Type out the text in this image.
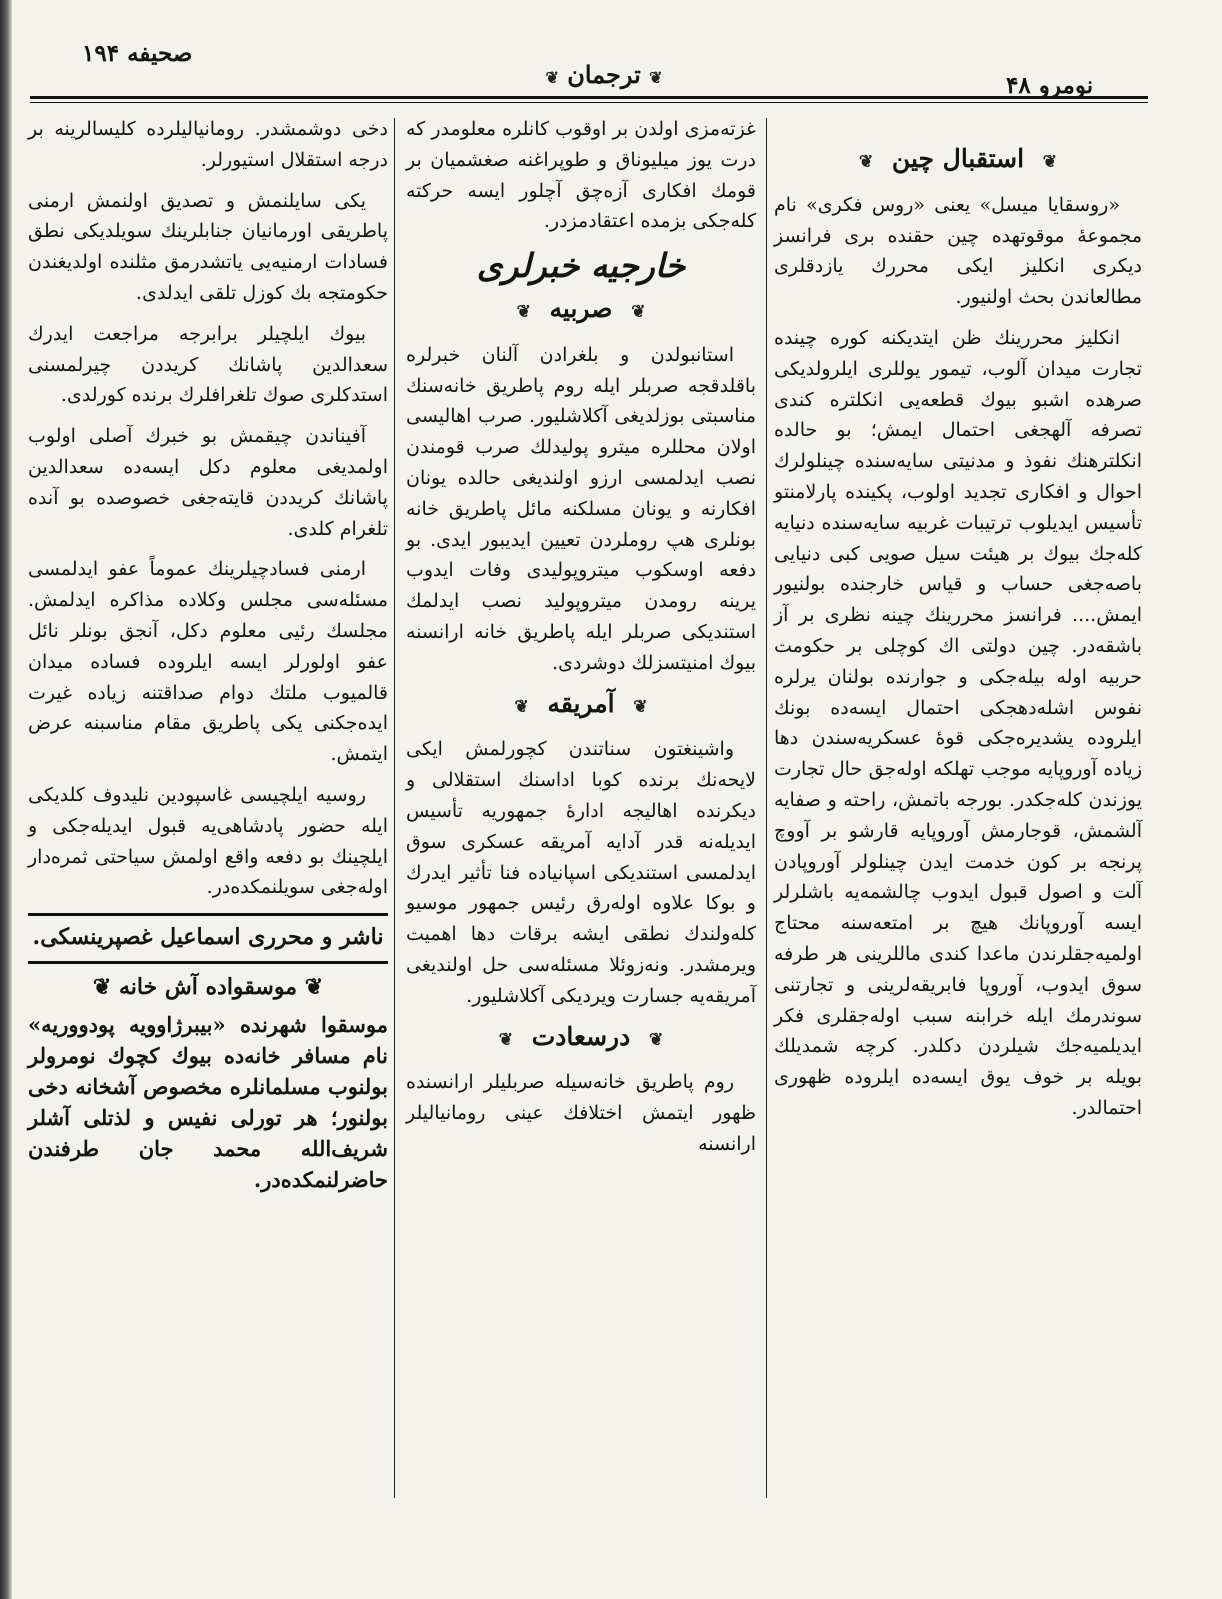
صحیفه ۱۹۴
❦ ترجمان ❦	نومرو ۴۸
❦ استقبال چین ❦

«روسقایا میسل» یعنی «روس فکری» نام مجموعهٔ موقوتهده چین حقنده بری فرانسز دیکری انکلیز ایکی محررك یازدقلری مطالعاندن بحث اولنیور.

انکلیز محررینك ظن ایتدیکنه کوره چینده تجارت میدان آلوب، تیمور یوللری ایلرولدیکی صرهده اشبو بیوك قطعه‌یی انکلتره کندی تصرفه آلهجغی احتمال ایمش؛ بو حالده انکلترهنك نفوذ و مدنیتی سایه‌سنده چینلولرك احوال و افکاری تجدید اولوب، پکینده پارلامنتو تأسیس ایدیلوب ترتیبات غربیه سایه‌سنده دنیایه کله‌جك بیوك بر هیئت سیل صویی کبی دنیایی باصه‌جغی حساب و قیاس خارجنده بولنیور ایمش.... فرانسز محررینك چینه نظری بر آز باشقه‌در. چین دولتی اك کوچلی بر حکومت حربیه اوله بیله‌جکی و جوارنده بولنان یرلره نفوس اشله‌دهجکی احتمال ایسه‌ده بونك ایلروده یشدیره‌جکی قوهٔ عسکریه‌سندن دها زیاده آوروپایه موجب تهلکه اوله‌جق حال تجارت یوزندن کله‌جکدر. بورجه باتمش، راحته و صفایه آلشمش، قوجارمش آوروپایه قارشو بر آووچ پرنجه بر کون خدمت ایدن چینلولر آوروپادن آلت و اصول قبول ایدوب چالشمه‌یه باشلرلر ایسه آوروپانك هیچ بر امتعه‌سنه محتاج اولمیه‌جقلرندن ماعدا کندی ماللرینی هر طرفه سوق ایدوب، آوروپا فابریقه‌لرینی و تجارتنی سوندرمك ایله خرابنه سبب اوله‌جقلری فکر ایدیلمیه‌جك شیلردن دکلدر. کرچه شمدیلك بویله بر خوف یوق ایسه‌ده ایلروده ظهوری احتمالدر.

غزته‌مزی اولدن بر اوقوب کانلره معلومدر که درت یوز میلیوناق و طوپراغنه صغشمیان بر قومك افکاری آزه‌چق آچلور ایسه حرکته کله‌جکی بزمده اعتقادمزدر.

خارجیه خبرلری
❦ صربیه ❦

استانبولدن و بلغرادن آلنان خبرلره باقلدقجه صربلر ایله روم پاطریق خانه‌سنك مناسبتی بوزلدیغی آکلاشلیور. صرب اهالیسی اولان محللره میترو پولیدلك صرب قومندن نصب ایدلمسی ارزو اولندیغی حالده یونان افکارنه و یونان مسلکنه مائل پاطریق خانه بونلری هپ روملردن تعیین ایدیبور ایدی. بو دفعه اوسکوب میتروپولیدی وفات ایدوب یرینه رومدن میتروپولید نصب ایدلمك استندیکی صربلر ایله پاطریق خانه ارانسنه بیوك امنیتسزلك دوشردی.

❦ آمریقه ❦

واشینغتون سناتندن کچورلمش ایکی لایحه‌نك برنده کوبا اداسنك استقلالی و دیکرنده اهالیجه ادارهٔ جمهوریه تأسیس ایدیله‌نه قدر آدایه آمریقه عسکری سوق ایدلمسی استندیکی اسپانیاده فنا تأثیر ایدرك و بوکا علاوه اوله‌رق رئیس جمهور موسیو کله‌ولندك نطقی ایشه برقات دها اهمیت ویرمشدر. ونه‌زوئلا مسئله‌سی حل اولندیغی آمریقه‌یه جسارت ویردیکی آکلاشلیور.

❦ درسعادت ❦

روم پاطریق خانه‌سیله صربلیلر ارانسنده ظهور ایتمش اختلافك عینی رومانیالیلر ارانسنه

دخی دوشمشدر. رومانیالیلرده کلیسالرینه بر درجه استقلال استیورلر.

یکی سایلنمش و تصدیق اولنمش ارمنی پاطریقی اورمانیان جنابلرینك سویلدیکی نطق فسادات ارمنیه‌یی یاتشدرمق مثلنده اولدیغندن حکومتجه بك کوزل تلقی ایدلدی.

بیوك ایلچیلر برابرجه مراجعت ایدرك سعدالدین پاشانك کریددن چیرلمسنی استدکلری صوك تلغرافلرك برنده کورلدی.

آفیناندن چیقمش بو خبرك آصلی اولوب اولمدیغی معلوم دکل ایسه‌ده سعدالدین پاشانك کریددن قایته‌جغی خصوصده بو آنده تلغرام کلدی.

ارمنی فسادچیلرینك عموماً عفو ایدلمسی مسئله‌سی مجلس وکلاده مذاکره ایدلمش. مجلسك رئیی معلوم دکل، آنجق بونلر نائل عفو اولورلر ایسه ایلروده فساده میدان قالمیوب ملتك دوام صداقتنه زیاده غیرت ایده‌جکنی یکی پاطریق مقام مناسبنه عرض ایتمش.

روسیه ایلچیسی غاسپودین نلیدوف کلدیکی ایله حضور پادشاهی‌یه قبول ایدیله‌جکی و ایلچینك بو دفعه واقع اولمش سیاحتی ثمره‌دار اوله‌جغی سویلنمکده‌در.

ناشر و محرری اسماعیل غصپرینسکی.
❦ موسقواده آش خانه ❦
موسقوا شهرنده «بیبرژاوویه پودووریه» نام مسافر خانه‌ده بیوك کچوك نومرولر بولنوب مسلمانلره مخصوص آشخانه دخی بولنور؛ هر تورلی نفیس و لذتلی آشلر شریف‌الله محمد جان طرفندن حاضرلنمکده‌در.
